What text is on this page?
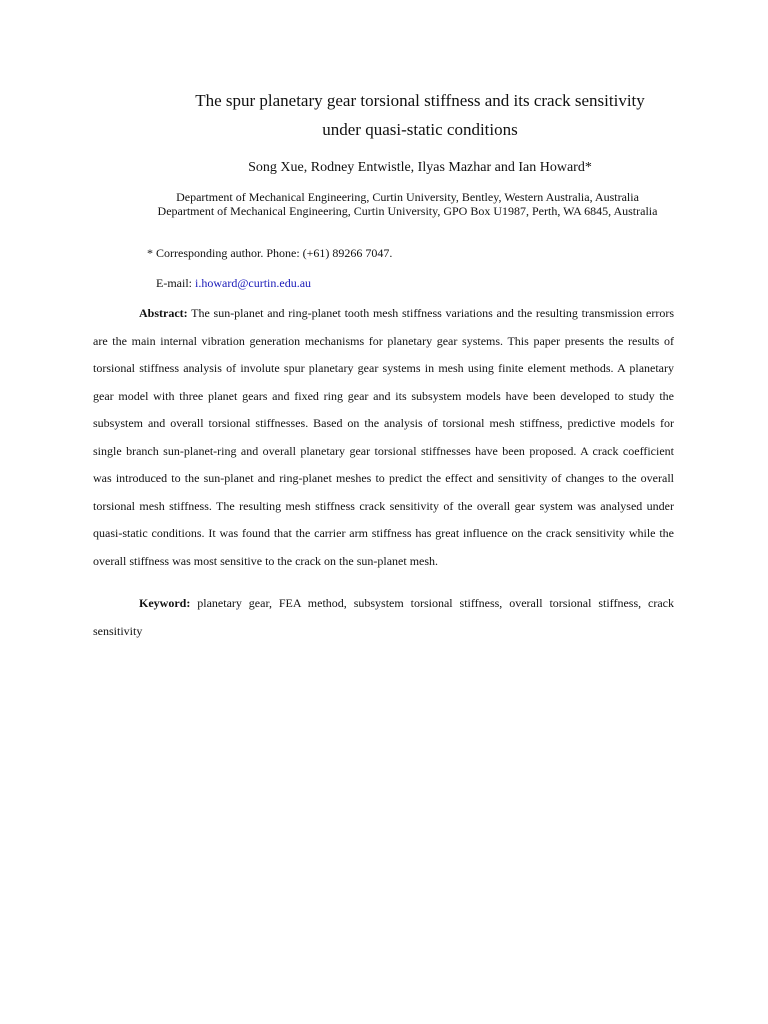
The spur planetary gear torsional stiffness and its crack sensitivity
under quasi-static conditions
Song Xue, Rodney Entwistle, Ilyas Mazhar and Ian Howard*
Department of Mechanical Engineering, Curtin University, Bentley, Western Australia, Australia
Department of Mechanical Engineering, Curtin University, GPO Box U1987, Perth, WA 6845, Australia
* Corresponding author. Phone: (+61) 89266 7047.
E-mail: i.howard@curtin.edu.au

Abstract: The sun-planet and ring-planet tooth mesh stiffness variations and the resulting transmission errors are the main internal vibration generation mechanisms for planetary gear systems. This paper presents the results of torsional stiffness analysis of involute spur planetary gear systems in mesh using finite element methods. A planetary gear model with three planet gears and fixed ring gear and its subsystem models have been developed to study the subsystem and overall torsional stiffnesses. Based on the analysis of torsional mesh stiffness, predictive models for single branch sun-planet-ring and overall planetary gear torsional stiffnesses have been proposed. A crack coefficient was introduced to the sun-planet and ring-planet meshes to predict the effect and sensitivity of changes to the overall torsional mesh stiffness. The resulting mesh stiffness crack sensitivity of the overall gear system was analysed under quasi-static conditions. It was found that the carrier arm stiffness has great influence on the crack sensitivity while the overall stiffness was most sensitive to the crack on the sun-planet mesh.

Keyword: planetary gear, FEA method, subsystem torsional stiffness, overall torsional stiffness, crack sensitivity
